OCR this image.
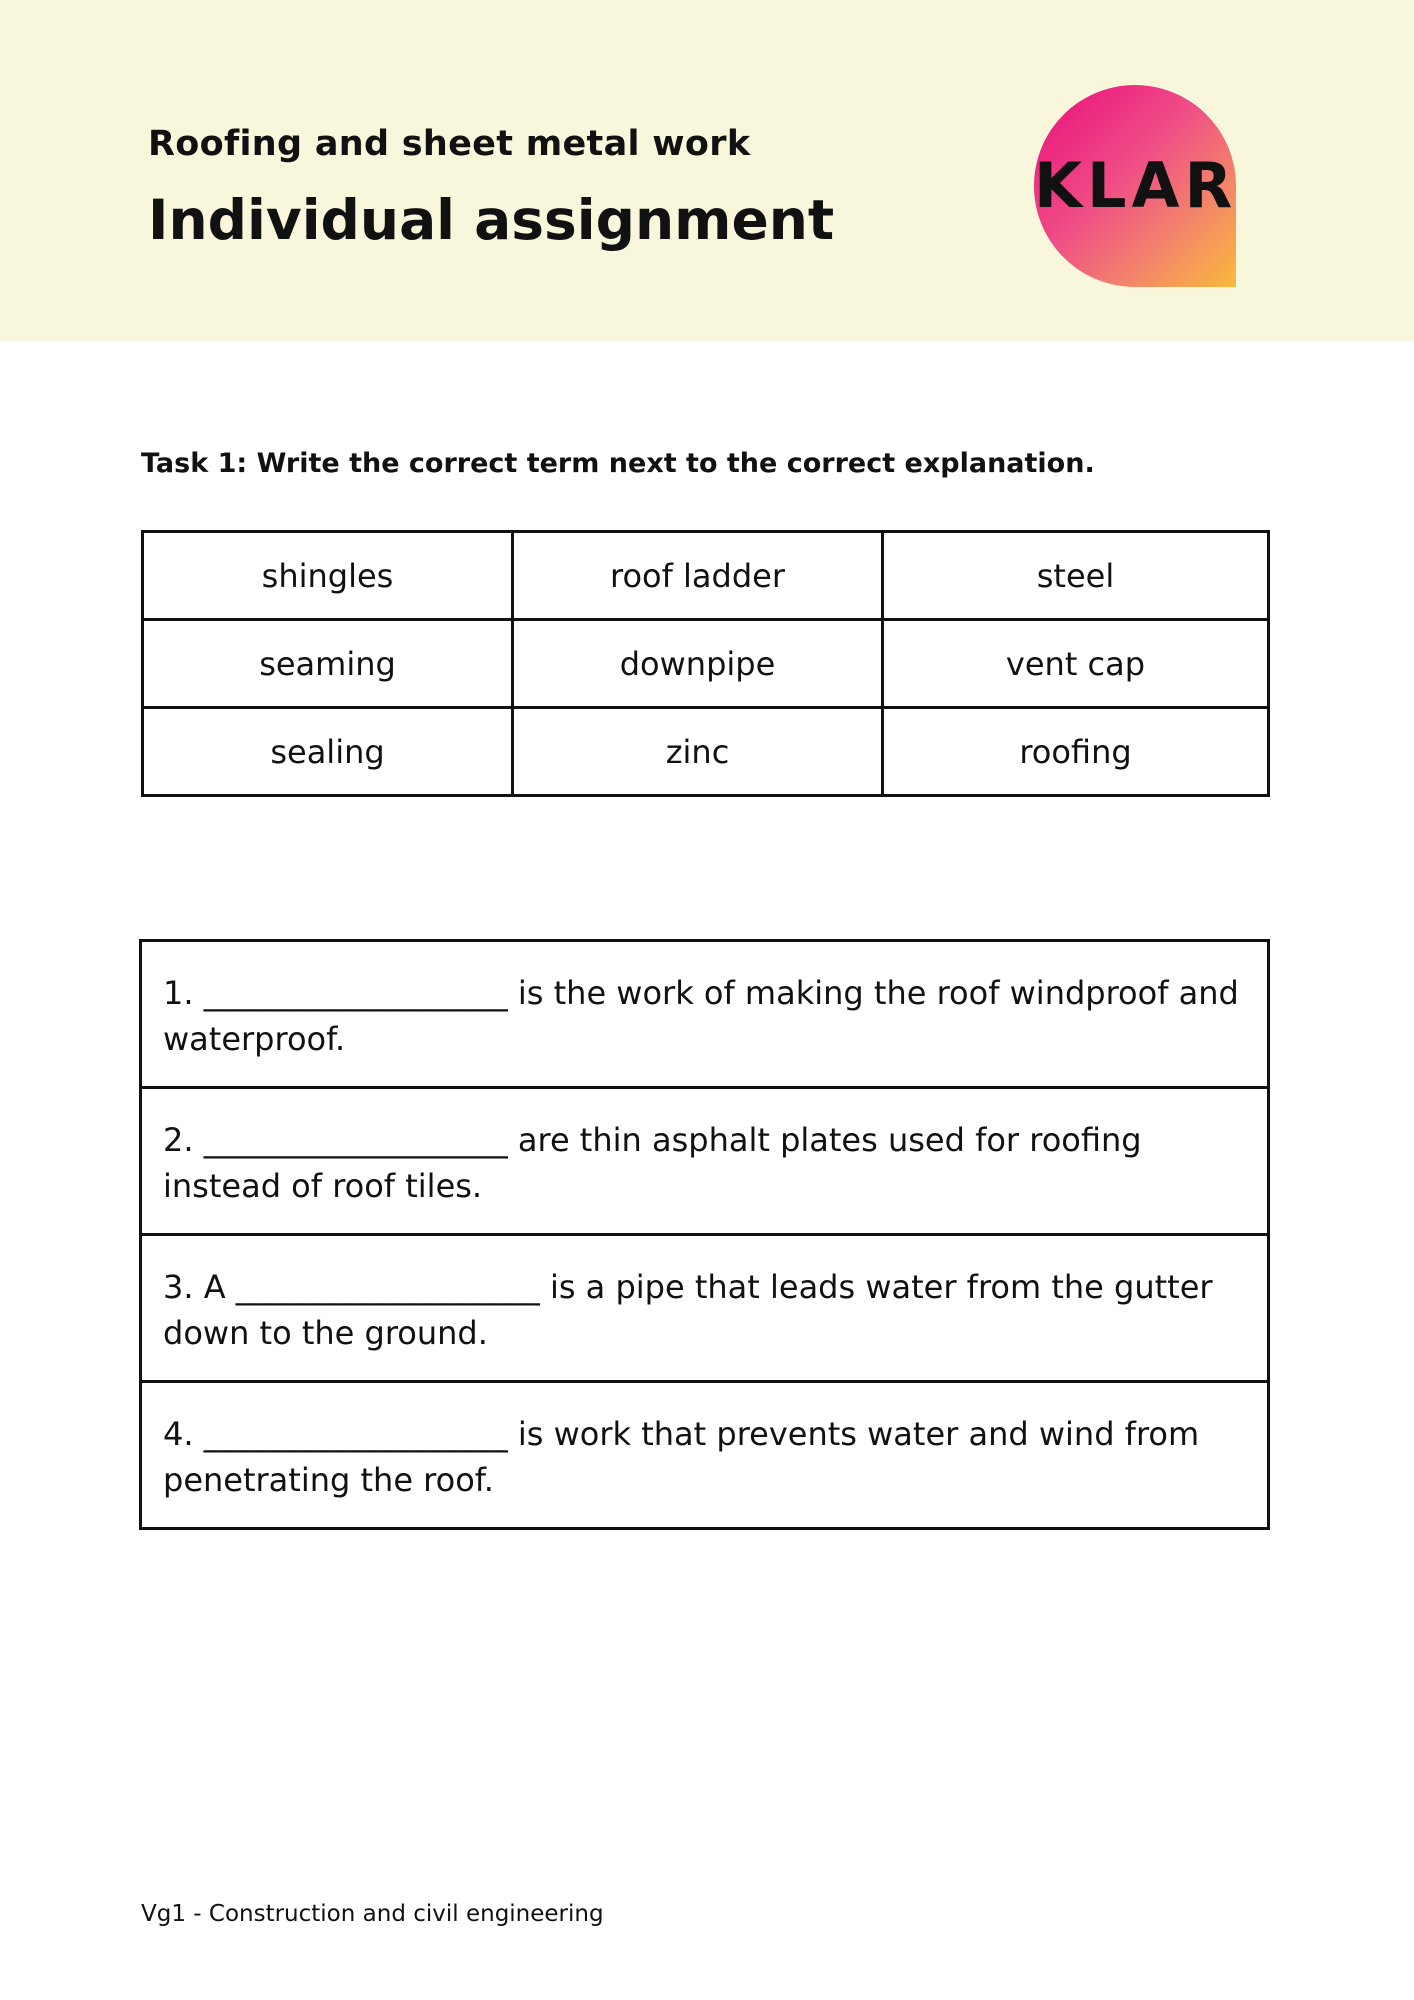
Roofing and sheet metal work
Individual assignment	KLAR
Task 1: Write the correct term next to the correct explanation.
shingles	roof ladder	steel
seaming	downpipe	vent cap
sealing	zinc	roofing
1. ___________________ is the work of making the roof windproof and waterproof.
2. ___________________ are thin asphalt plates used for roofing instead of roof tiles.
3. A ___________________ is a pipe that leads water from the gutter down to the ground.
4. ___________________ is work that prevents water and wind from penetrating the roof.
Vg1 - Construction and civil engineering
